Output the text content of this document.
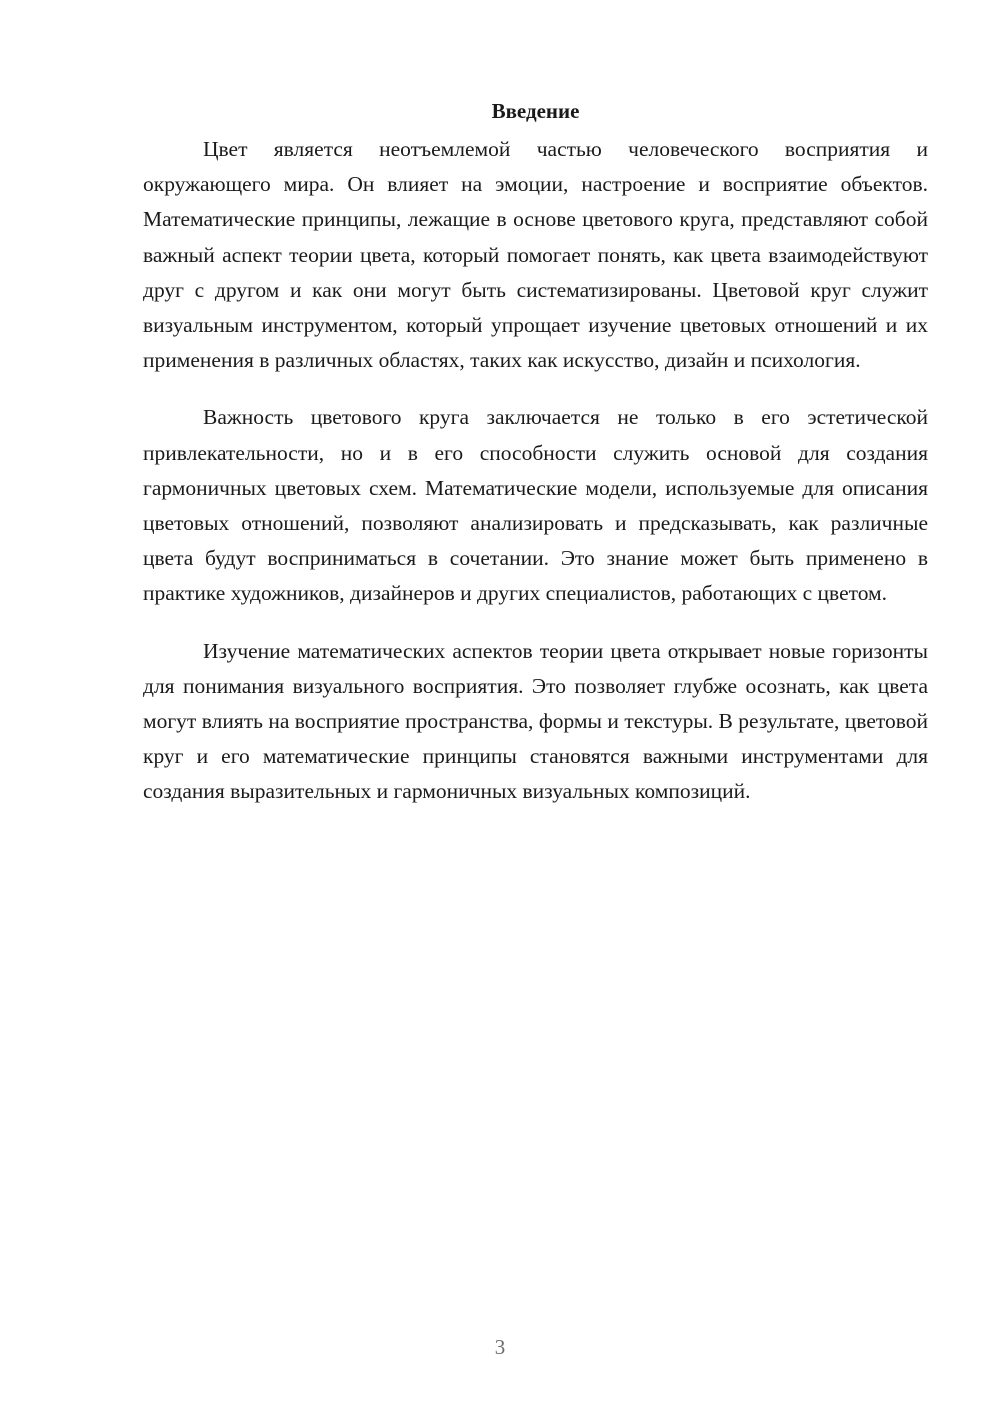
Введение

Цвет является неотъемлемой частью человеческого восприятия и окружающего мира. Он влияет на эмоции, настроение и восприятие объектов. Математические принципы, лежащие в основе цветового круга, представляют собой важный аспект теории цвета, который помогает понять, как цвета взаимодействуют друг с другом и как они могут быть систематизированы. Цветовой круг служит визуальным инструментом, который упрощает изучение цветовых отношений и их применения в различных областях, таких как искусство, дизайн и психология.

Важность цветового круга заключается не только в его эстетической привлекательности, но и в его способности служить основой для создания гармоничных цветовых схем. Математические модели, используемые для описания цветовых отношений, позволяют анализировать и предсказывать, как различные цвета будут восприниматься в сочетании. Это знание может быть применено в практике художников, дизайнеров и других специалистов, работающих с цветом.

Изучение математических аспектов теории цвета открывает новые горизонты для понимания визуального восприятия. Это позволяет глубже осознать, как цвета могут влиять на восприятие пространства, формы и текстуры. В результате, цветовой круг и его математические принципы становятся важными инструментами для создания выразительных и гармоничных визуальных композиций.

3
